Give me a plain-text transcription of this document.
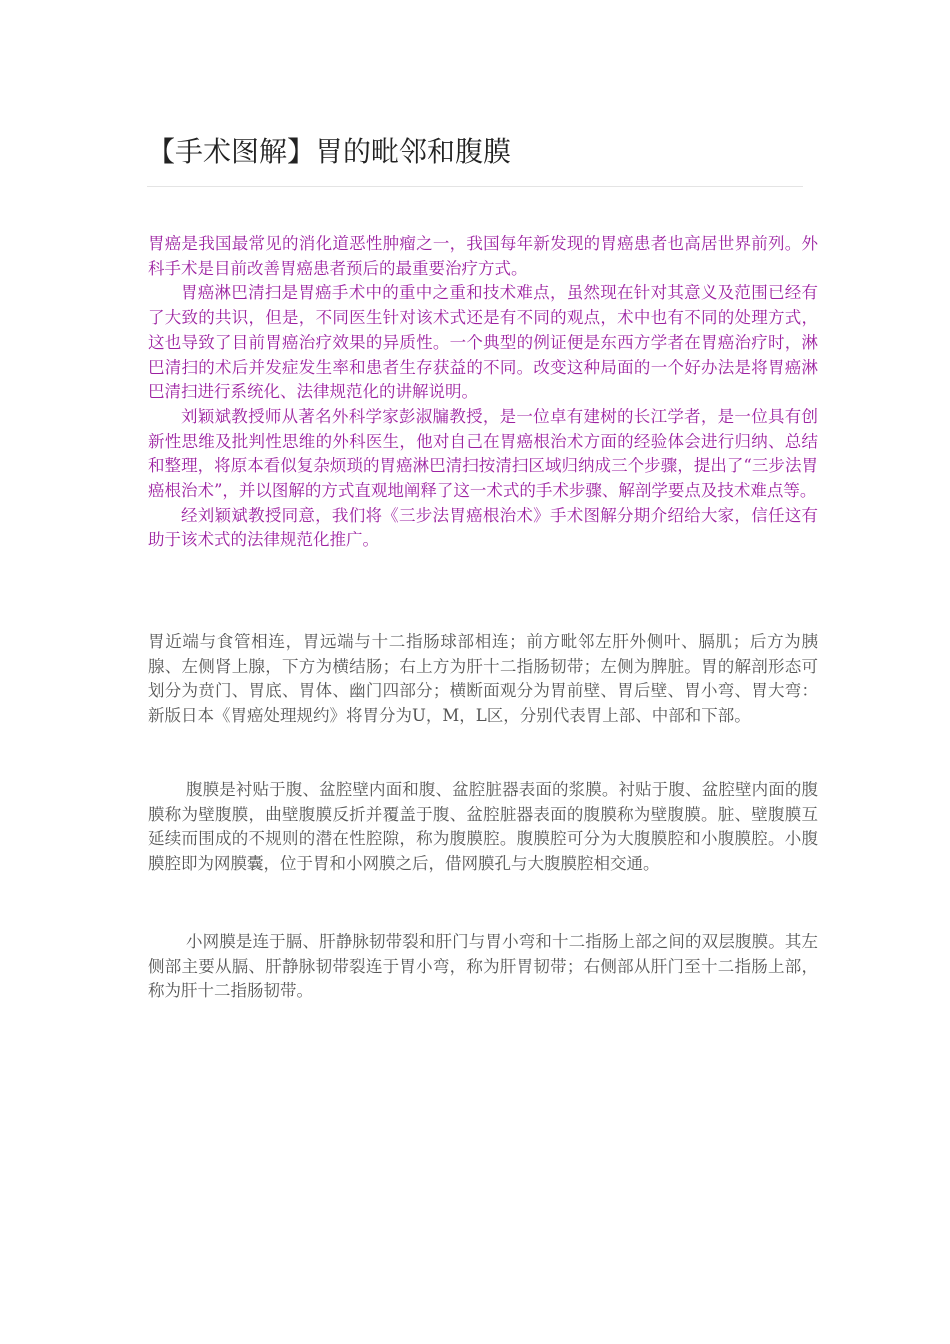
【手术图解】胃的毗邻和腹膜

胃癌是我国最常见的消化道恶性肿瘤之一，我国每年新发现的胃癌患者也高居世界前列。外科手术是目前改善胃癌患者预后的最重要治疗方式。

胃癌淋巴清扫是胃癌手术中的重中之重和技术难点，虽然现在针对其意义及范围已经有了大致的共识，但是，不同医生针对该术式还是有不同的观点，术中也有不同的处理方式，这也导致了目前胃癌治疗效果的异质性。一个典型的例证便是东西方学者在胃癌治疗时，淋巴清扫的术后并发症发生率和患者生存获益的不同。改变这种局面的一个好办法是将胃癌淋巴清扫进行系统化、法律规范化的讲解说明。

刘颖斌教授师从著名外科学家彭淑牖教授，是一位卓有建树的长江学者，是一位具有创新性思维及批判性思维的外科医生，他对自己在胃癌根治术方面的经验体会进行归纳、总结和整理，将原本看似复杂烦琐的胃癌淋巴清扫按清扫区域归纳成三个步骤，提出了“三步法胃癌根治术”，并以图解的方式直观地阐释了这一术式的手术步骤、解剖学要点及技术难点等。

经刘颖斌教授同意，我们将《三步法胃癌根治术》手术图解分期介绍给大家，信任这有助于该术式的法律规范化推广。

胃近端与食管相连，胃远端与十二指肠球部相连；前方毗邻左肝外侧叶、膈肌；后方为胰腺、左侧肾上腺，下方为横结肠；右上方为肝十二指肠韧带；左侧为脾脏。胃的解剖形态可划分为贲门、胃底、胃体、幽门四部分；横断面观分为胃前壁、胃后壁、胃小弯、胃大弯：新版日本《胃癌处理规约》将胃分为U，M，L区，分别代表胃上部、中部和下部。

腹膜是衬贴于腹、盆腔壁内面和腹、盆腔脏器表面的浆膜。衬贴于腹、盆腔壁内面的腹膜称为壁腹膜，曲壁腹膜反折并覆盖于腹、盆腔脏器表面的腹膜称为壁腹膜。脏、壁腹膜互延续而围成的不规则的潜在性腔隙，称为腹膜腔。腹膜腔可分为大腹膜腔和小腹膜腔。小腹膜腔即为网膜囊，位于胃和小网膜之后，借网膜孔与大腹膜腔相交通。

小网膜是连于膈、肝静脉韧带裂和肝门与胃小弯和十二指肠上部之间的双层腹膜。其左侧部主要从膈、肝静脉韧带裂连于胃小弯，称为肝胃韧带；右侧部从肝门至十二指肠上部，称为肝十二指肠韧带。
